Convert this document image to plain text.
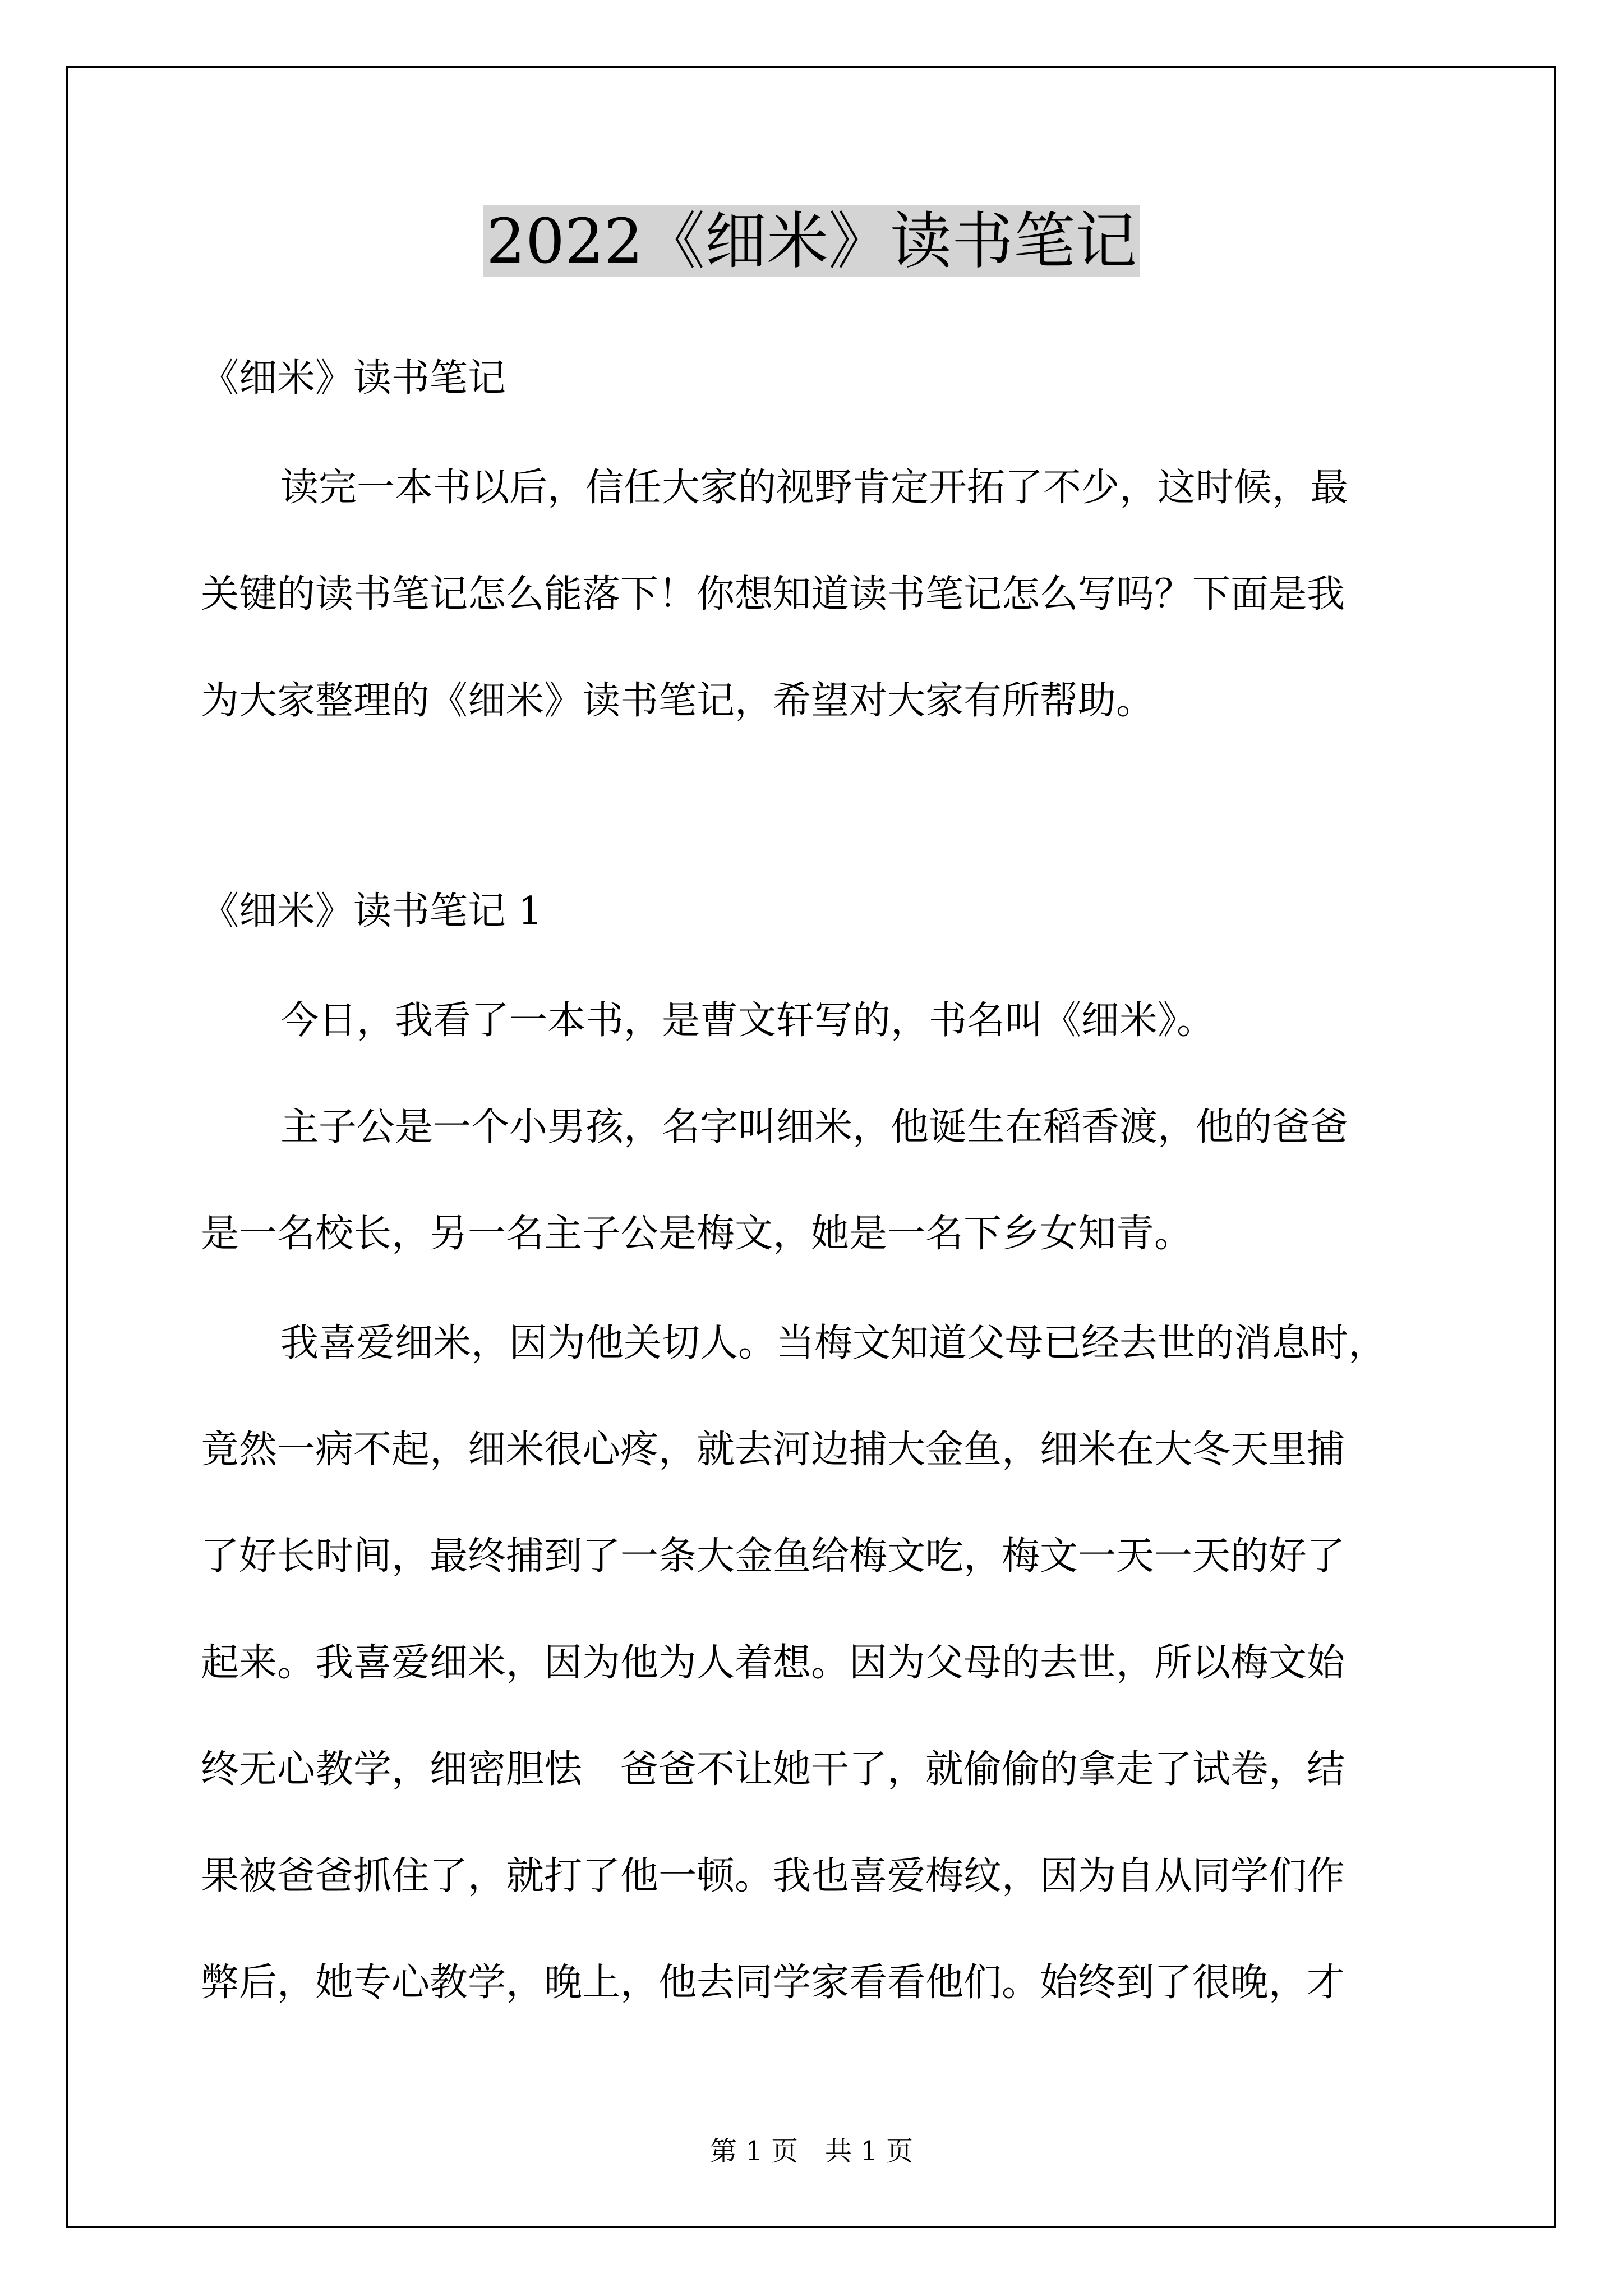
2022《细米》读书笔记
《细米》读书笔记
读完一本书以后，信任大家的视野肯定开拓了不少，这时候，最
关键的读书笔记怎么能落下！你想知道读书笔记怎么写吗？下面是我
为大家整理的《细米》读书笔记，希望对大家有所帮助。
《细米》读书笔记 1
今日，我看了一本书，是曹文轩写的，书名叫《细米》。
主子公是一个小男孩，名字叫细米，他诞生在稻香渡，他的爸爸
是一名校长，另一名主子公是梅文，她是一名下乡女知青。
我喜爱细米，因为他关切人。当梅文知道父母已经去世的消息时，
竟然一病不起，细米很心疼，就去河边捕大金鱼，细米在大冬天里捕
了好长时间，最终捕到了一条大金鱼给梅文吃，梅文一天一天的好了
起来。我喜爱细米，因为他为人着想。因为父母的去世，所以梅文始
终无心教学，细密胆怯　爸爸不让她干了，就偷偷的拿走了试卷，结
果被爸爸抓住了，就打了他一顿。我也喜爱梅纹，因为自从同学们作
弊后，她专心教学，晚上，他去同学家看看他们。始终到了很晚，才
第 1 页　共 1 页
